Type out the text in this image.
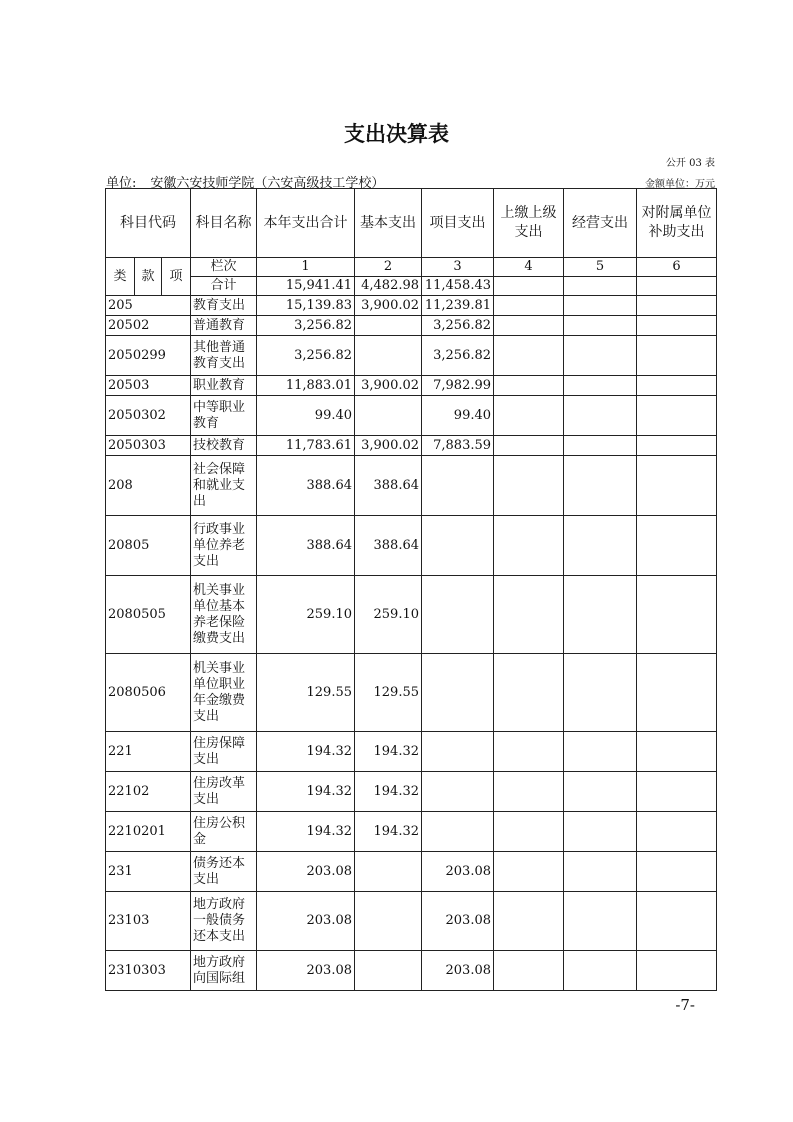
支出决算表
公开 03 表
单位: 安徽六安技师学院（六安高级技工学校）	金额单位：万元
科目代码			科目名称	本年支出合计	基本支出	项目支出	上缴上级支出	经营支出	对附属单位补助支出
类	款	项	栏次	1	2	3	4	5	6
			合计	15,941.41	4,482.98	11,458.43			
205			教育支出	15,139.83	3,900.02	11,239.81			
20502			普通教育	3,256.82		3,256.82			
2050299			其他普通教育支出	3,256.82		3,256.82			
20503			职业教育	11,883.01	3,900.02	7,982.99			
2050302			中等职业教育	99.40		99.40			
2050303			技校教育	11,783.61	3,900.02	7,883.59			
208			社会保障和就业支出	388.64	388.64				
20805			行政事业单位养老支出	388.64	388.64				
2080505			机关事业单位基本养老保险缴费支出	259.10	259.10				
2080506			机关事业单位职业年金缴费支出	129.55	129.55				
221			住房保障支出	194.32	194.32				
22102			住房改革支出	194.32	194.32				
2210201			住房公积金	194.32	194.32				
231			债务还本支出	203.08		203.08			
23103			地方政府一般债务还本支出	203.08		203.08			
2310303			地方政府向国际组	203.08		203.08			
-7-
